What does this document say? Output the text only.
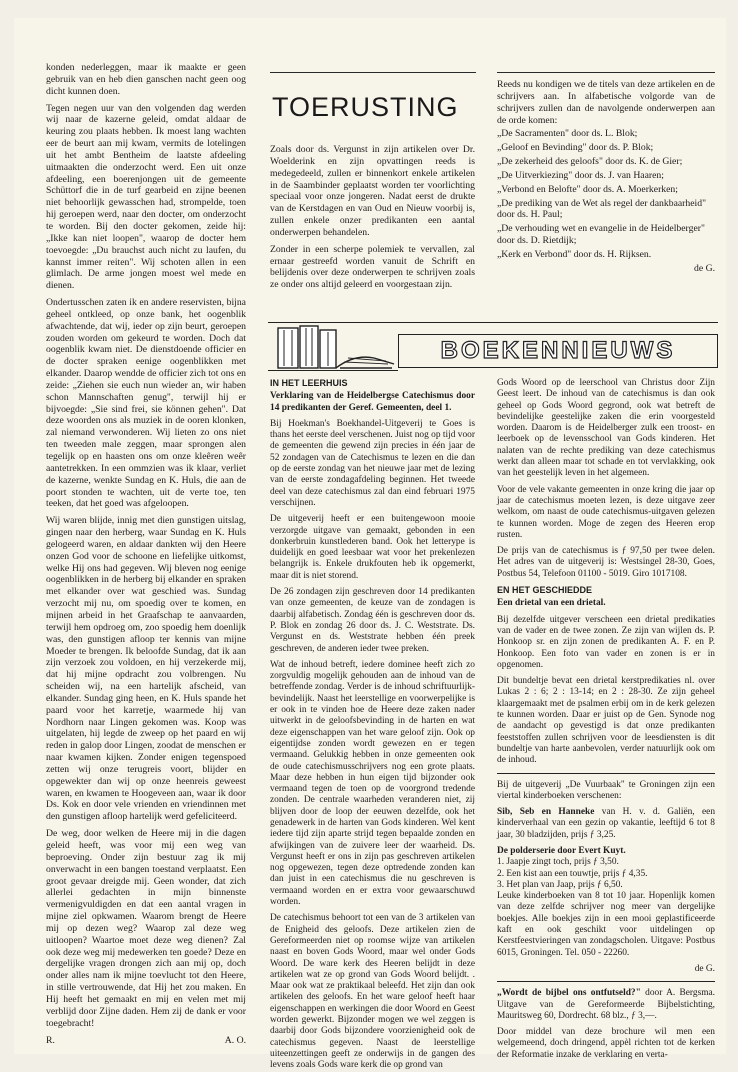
konden nederleggen, maar ik maakte er geen gebruik van en heb dien ganschen nacht geen oog dicht kunnen doen.

Tegen negen uur van den volgenden dag werden wij naar de kazerne geleid, omdat aldaar de keuring zou plaats hebben. Ik moest lang wachten eer de beurt aan mij kwam, vermits de lotelingen uit het ambt Bentheim de laatste afdeeling uitmaakten die onderzocht werd. Een uit onze afdeeling, een boerenjongen uit de gemeente Schüttorf die in de turf gearbeid en zijne beenen niet behoorlijk gewasschen had, strompelde, toen hij geroepen werd, naar den docter, om onderzocht te worden. Bij den docter gekomen, zeide hij: „Ikke kan niet loopen", waarop de docter hem toevoegde: „Du brauchst auch nicht zu laufen, du kannst immer reiten". Wij schoten allen in een glimlach. De arme jongen moest wel mede en dienen.

Ondertusschen zaten ik en andere reservisten, bijna geheel ontkleed, op onze bank, het oogenblik afwachtende, dat wij, ieder op zijn beurt, geroepen zouden worden om gekeurd te worden. Doch dat oogenblik kwam niet. De dienstdoende officier en de docter spraken eenige oogenblikken met elkander. Daarop wendde de officier zich tot ons en zeide: „Ziehen sie euch nun wieder an, wir haben schon Mannschaften genug", terwijl hij er bijvoegde: „Sie sind frei, sie können gehen". Dat deze woorden ons als muziek in de ooren klonken, zal niemand verwonderen. Wij lieten zo ons niet ten tweeden male zeggen, maar sprongen alen tegelijk op en haasten ons om onze kleêren weêr aantetrekken. In een ommzien was ik klaar, verliet de kazerne, wenkte Sundag en K. Huls, die aan de poort stonden te wachten, uit de verte toe, ten teeken, dat het goed was afgeloopen.

Wij waren blijde, innig met dien gunstigen uitslag, gingen naar den herberg, waar Sundag en K. Huls gelogeerd waren, en aldaar dankten wij den Heere onzen God voor de schoone en liefelijke uitkomst, welke Hij ons had gegeven. Wij bleven nog eenige oogenblikken in de herberg bij elkander en spraken met elkander over wat geschied was. Sundag verzocht mij nu, om spoedig over te komen, en mijnen arbeid in het Graafschap te aanvaarden, terwijl hem opdroeg om, zoo spoedig hem doenlijk was, den gunstigen afloop ter kennis van mijne Moeder te brengen. Ik beloofde Sundag, dat ik aan zijn verzoek zou voldoen, en hij verzekerde mij, dat hij mijne opdracht zou volbrengen. Nu scheiden wij, na een hartelijk afscheid, van elkander. Sundag ging heen, en K. Huls spande het paard voor het karretje, waarmede hij van Nordhorn naar Lingen gekomen was. Koop was uitgelaten, hij legde de zweep op het paard en wij reden in galop door Lingen, zoodat de menschen er naar kwamen kijken. Zonder enigen tegenspoed zetten wij onze terugreis voort, blijder en opgewekter dan wij op onze heenreis geweest waren, en kwamen te Hoogeveen aan, waar ik door Ds. Kok en door vele vrienden en vriendinnen met den gunstigen afloop hartelijk werd gefeliciteerd.

De weg, door welken de Heere mij in die dagen geleid heeft, was voor mij een weg van beproeving. Onder zijn bestuur zag ik mij onverwacht in een bangen toestand verplaatst. Een groot gevaar dreigde mij. Geen wonder, dat zich allerlei gedachten in mijn binnenste vermenigvuldigden en dat een aantal vragen in mijne ziel opkwamen. Waarom brengt de Heere mij op dezen weg? Waarop zal deze weg uitloopen? Waartoe moet deze weg dienen? Zal ook deze weg mij medewerken ten goede? Deze en dergelijke vragen drongen zich aan mij op, doch onder alles nam ik mijne toevlucht tot den Heere, in stille vertrouwende, dat Hij het zou maken. En Hij heeft het gemaakt en mij en velen met mij verblijd door Zijne daden. Hem zij de dank er voor toegebracht!

R.	A. O.
TOERUSTING

Zoals door ds. Vergunst in zijn artikelen over Dr. Woelderink en zijn opvattingen reeds is medegedeeld, zullen er binnenkort enkele artikelen in de Saambinder geplaatst worden ter voorlichting speciaal voor onze jongeren. Nadat eerst de drukte van de Kerstdagen en van Oud en Nieuw voorbij is, zullen enkele onzer predikanten een aantal onderwerpen behandelen.

Zonder in een scherpe polemiek te vervallen, zal ernaar gestreefd worden vanuit de Schrift en belijdenis over deze onderwerpen te schrijven zoals ze onder ons altijd geleerd en voorgestaan zijn.

Reeds nu kondigen we de titels van deze artikelen en de schrijvers aan. In alfabetische volgorde van de schrijvers zullen dan de navolgende onderwerpen aan de orde komen:

„De Sacramenten" door ds. L. Blok;

„Geloof en Bevinding" door ds. P. Blok;

„De zekerheid des geloofs" door ds. K. de Gier;

„De Uitverkiezing" door ds. J. van Haaren;

„Verbond en Belofte" door ds. A. Moerkerken;

„De prediking van de Wet als regel der dankbaarheid" door ds. H. Paul;

„De verhouding wet en evangelie in de Heidelberger" door ds. D. Rietdijk;

„Kerk en Verbond" door ds. H. Rijksen.

de G.

BOEKENNIEUWS
IN HET LEERHUIS

Verklaring van de Heidelbergse Catechismus door 14 predikanten der Geref. Gemeenten, deel 1.

Bij Hoekman's Boekhandel-Uitgeverij te Goes is thans het eerste deel verschenen. Juist nog op tijd voor de gemeenten die gewend zijn precies in één jaar de 52 zondagen van de Catechismus te lezen en die dan op de eerste zondag van het nieuwe jaar met de lezing van de eerste zondagafdeling beginnen. Het tweede deel van deze catechismus zal dan eind februari 1975 verschijnen.

De uitgeverij heeft er een buitengewoon mooie verzorgde uitgave van gemaakt, gebonden in een donkerbruin kunstlederen band. Ook het letterype is duidelijk en goed leesbaar wat voor het prekenlezen belangrijk is. Enkele drukfouten heb ik opgemerkt, maar dit is niet storend.

De 26 zondagen zijn geschreven door 14 predikanten van onze gemeenten, de keuze van de zondagen is daarbij alfabetisch. Zondag één is geschreven door ds. P. Blok en zondag 26 door ds. J. C. Weststrate. Ds. Vergunst en ds. Weststrate hebben één preek geschreven, de anderen ieder twee preken.

Wat de inhoud betreft, iedere dominee heeft zich zo zorgvuldig mogelijk gehouden aan de inhoud van de betreffende zondag. Verder is de inhoud schriftuurlijk-bevindelijk. Naast het leerstellige en voorwerpelijke is er ook in te vinden hoe de Heere deze zaken nader uitwerkt in de geloofsbevinding in de harten en wat deze eigenschappen van het ware geloof zijn. Ook op eigentijdse zonden wordt gewezen en er tegen vermaand. Gelukkig hebben in onze gemeenten ook de oude catechismusschrijvers nog een grote plaats. Maar deze hebben in hun eigen tijd bijzonder ook vermaand tegen de toen op de voorgrond tredende zonden. De centrale waarheden veranderen niet, zij blijven door de loop der eeuwen dezelfde, ook het genadewerk in de harten van Gods kinderen. Wel kent iedere tijd zijn aparte strijd tegen bepaalde zonden en afwijkingen van de zuivere leer der waarheid. Ds. Vergunst heeft er ons in zijn pas geschreven artikelen nog opgewezen, tegen deze optredende zonden kan dan juist in een catechismus die nu geschreven is vermaand worden en er extra voor gewaarschuwd worden.

De catechismus behoort tot een van de 3 artikelen van de Enigheid des geloofs. Deze artikelen zien de Gereformeerden niet op roomse wijze van artikelen naast en boven Gods Woord, maar wel onder Gods Woord. De ware kerk des Heeren belijdt in deze artikelen wat ze op grond van Gods Woord belijdt. . Maar ook wat ze praktikaal beleefd. Het zijn dan ook artikelen des geloofs. En het ware geloof heeft haar eigenschappen en werkingen die door Woord en Geest worden gewerkt. Bijzonder mogen we wel zeggen is daarbij door Gods bijzondere voorzienigheid ook de catechismus gegeven. Naast de leerstellige uiteenzettingen geeft ze onderwijs in de gangen des levens zoals Gods ware kerk die op grond van

Gods Woord op de leerschool van Christus door Zijn Geest leert. De inhoud van de catechismus is dan ook geheel op Gods Woord gegrond, ook wat betreft de bevindelijke geestelijke zaken die erin voorgesteld worden. Daarom is de Heidelberger zulk een troost- en leerboek op de levensschool van Gods kinderen. Het nalaten van de rechte prediking van deze catechismus werkt dan alleen maar tot schade en tot vervlakking, ook van het geestelijk leven in het algemeen.

Voor de vele vakante gemeenten in onze kring die jaar op jaar de catechismus moeten lezen, is deze uitgave zeer welkom, om naast de oude catechismus-uitgaven gelezen te kunnen worden. Moge de zegen des Heeren erop rusten.

De prijs van de catechismus is ƒ 97,50 per twee delen. Het adres van de uitgeverij is: Westsingel 28-30, Goes, Postbus 54, Telefoon 01100 - 5019. Giro 1017108.

EN HET GESCHIEDDE

Een drietal van een drietal.

Bij dezelfde uitgever verscheen een drietal predikaties van de vader en de twee zonen. Ze zijn van wijlen ds. P. Honkoop sr. en zijn zonen de predikanten A. F. en P. Honkoop. Een foto van vader en zonen is er in opgenomen.

Dit bundeltje bevat een drietal kerstpredikaties nl. over Lukas 2 : 6; 2 : 13-14; en 2 : 28-30. Ze zijn geheel klaargemaakt met de psalmen erbij om in de kerk gelezen te kunnen worden. Daar er juist op de Gen. Synode nog de aandacht op gevestigd is dat onze predikanten feeststoffen zullen schrijven voor de leesdiensten is dit bundeltje van harte aanbevolen, verder natuurlijk ook om de inhoud.

Bij de uitgeverij „De Vuurbaak" te Groningen zijn een viertal kinderboeken verschenen:

Sib, Seb en Hanneke van H. v. d. Galiën, een kinderverhaal van een gezin op vakantie, leeftijd 6 tot 8 jaar, 30 bladzijden, prijs ƒ 3,25.

De polderserie door Evert Kuyt.

1. Jaapje zingt toch, prijs ƒ 3,50.

2. Een kist aan een touwtje, prijs ƒ 4,35.

3. Het plan van Jaap, prijs ƒ 6,50.

Leuke kinderboeken van 8 tot 10 jaar. Hopenlijk komen van deze zelfde schrijver nog meer van dergelijke boekjes. Alle boekjes zijn in een mooi geplastificeerde kaft en ook geschikt voor uitdelingen op Kerstfeestvieringen van zondagscholen. Uitgave: Postbus 6015, Groningen. Tel. 050 - 22260.

de G.

„Wordt de bijbel ons ontfutseld?" door A. Bergsma. Uitgave van de Gereformeerde Bijbelstichting, Mauritsweg 60, Dordrecht. 68 blz., ƒ 3,—.

Door middel van deze brochure wil men een welgemeend, doch dringend, appèl richten tot de kerken der Reformatie inzake de verklaring en verta-
